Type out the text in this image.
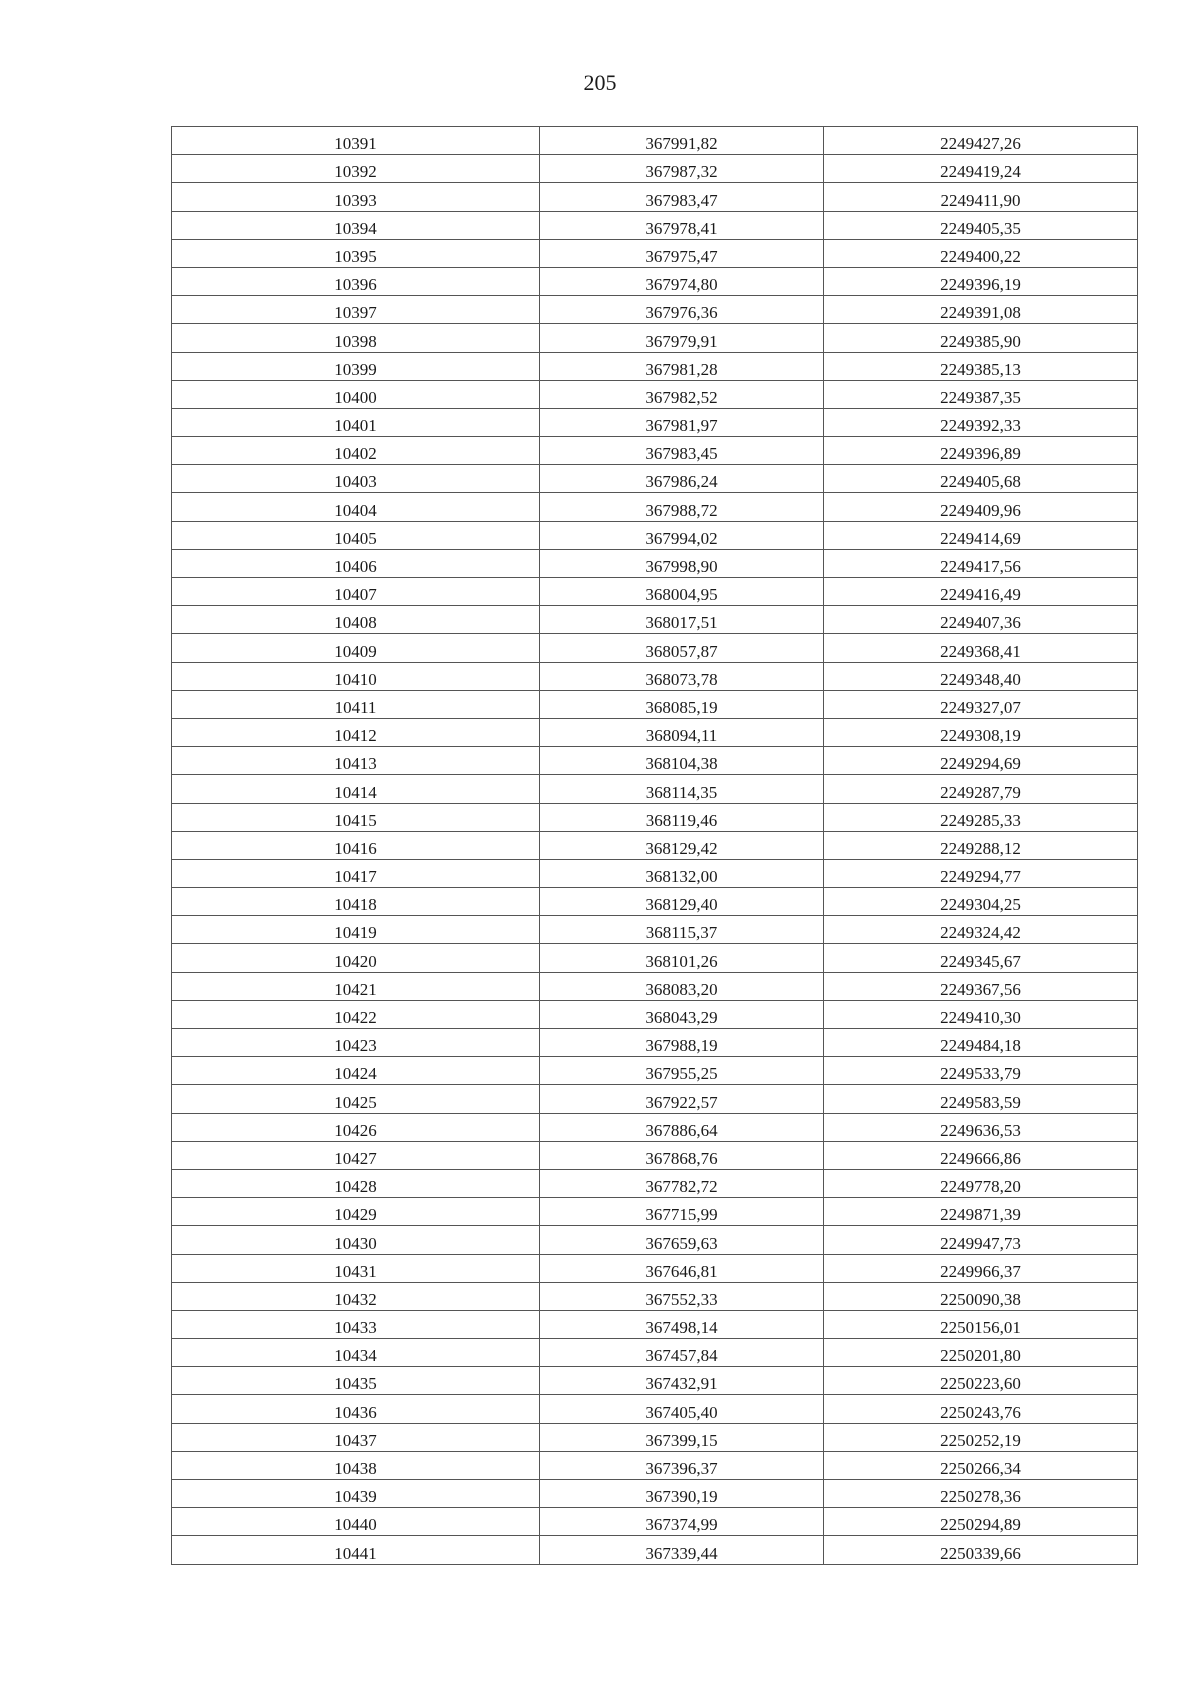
205
10391	367991,82	2249427,26
10392	367987,32	2249419,24
10393	367983,47	2249411,90
10394	367978,41	2249405,35
10395	367975,47	2249400,22
10396	367974,80	2249396,19
10397	367976,36	2249391,08
10398	367979,91	2249385,90
10399	367981,28	2249385,13
10400	367982,52	2249387,35
10401	367981,97	2249392,33
10402	367983,45	2249396,89
10403	367986,24	2249405,68
10404	367988,72	2249409,96
10405	367994,02	2249414,69
10406	367998,90	2249417,56
10407	368004,95	2249416,49
10408	368017,51	2249407,36
10409	368057,87	2249368,41
10410	368073,78	2249348,40
10411	368085,19	2249327,07
10412	368094,11	2249308,19
10413	368104,38	2249294,69
10414	368114,35	2249287,79
10415	368119,46	2249285,33
10416	368129,42	2249288,12
10417	368132,00	2249294,77
10418	368129,40	2249304,25
10419	368115,37	2249324,42
10420	368101,26	2249345,67
10421	368083,20	2249367,56
10422	368043,29	2249410,30
10423	367988,19	2249484,18
10424	367955,25	2249533,79
10425	367922,57	2249583,59
10426	367886,64	2249636,53
10427	367868,76	2249666,86
10428	367782,72	2249778,20
10429	367715,99	2249871,39
10430	367659,63	2249947,73
10431	367646,81	2249966,37
10432	367552,33	2250090,38
10433	367498,14	2250156,01
10434	367457,84	2250201,80
10435	367432,91	2250223,60
10436	367405,40	2250243,76
10437	367399,15	2250252,19
10438	367396,37	2250266,34
10439	367390,19	2250278,36
10440	367374,99	2250294,89
10441	367339,44	2250339,66
